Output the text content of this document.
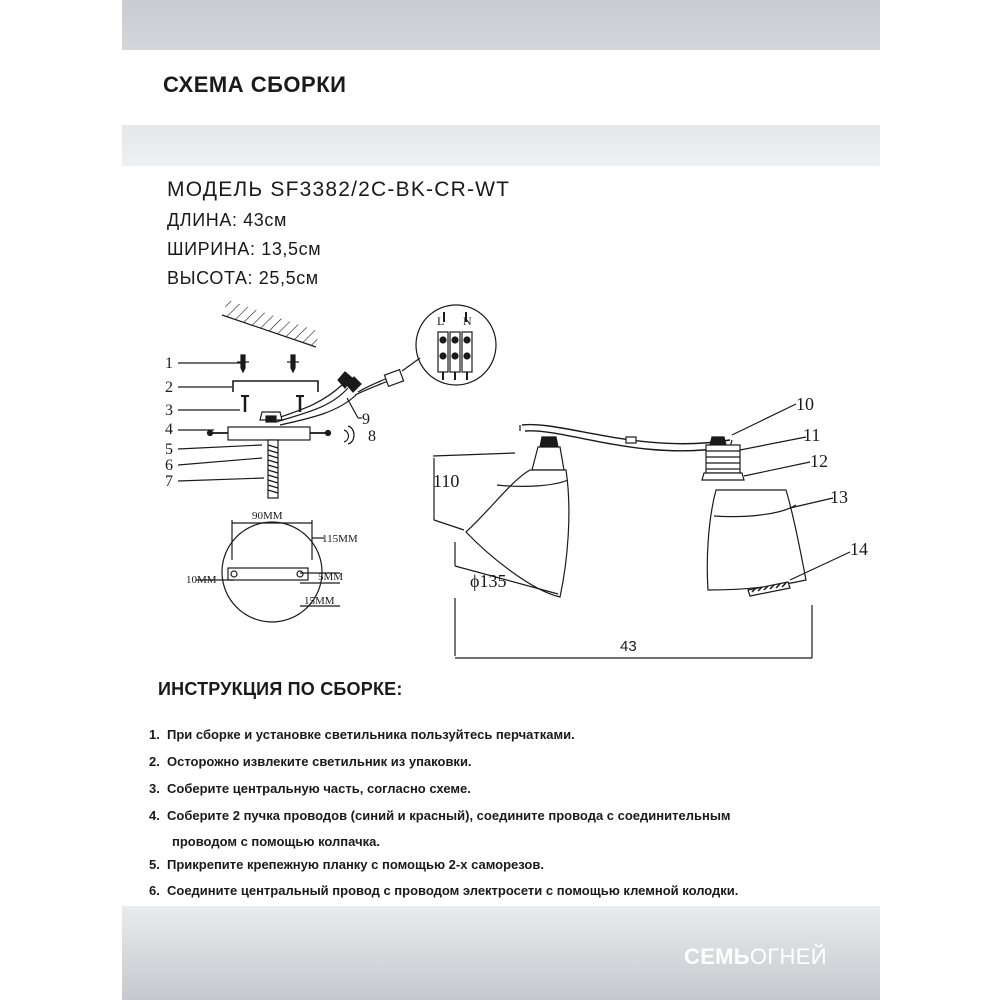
СХЕМА СБОРКИ
МОДЕЛЬ SF3382/2C-BK-CR-WT
ДЛИНА: 43см
ШИРИНА: 13,5см
ВЫСОТА: 25,5см
1
2
3
4
5
6
7
8
9
L N
90MM
115MM
10MM	5MM
15MM
10
110
ϕ135
11
12
13
14
43
ИНСТРУКЦИЯ ПО СБОРКЕ:
1. При сборке и установке светильника пользуйтесь перчатками.
2. Осторожно извлеките светильник из упаковки.
3. Соберите центральную часть, согласно схеме.
4. Соберите 2 пучка проводов (синий и красный), соедините провода с соединительным
проводом с помощью колпачка.
5. Прикрепите крепежную планку с помощью 2-х саморезов.
6. Соедините центральный провод с проводом электросети с помощью клемной колодки.
СЕМЬОГНЕЙ
